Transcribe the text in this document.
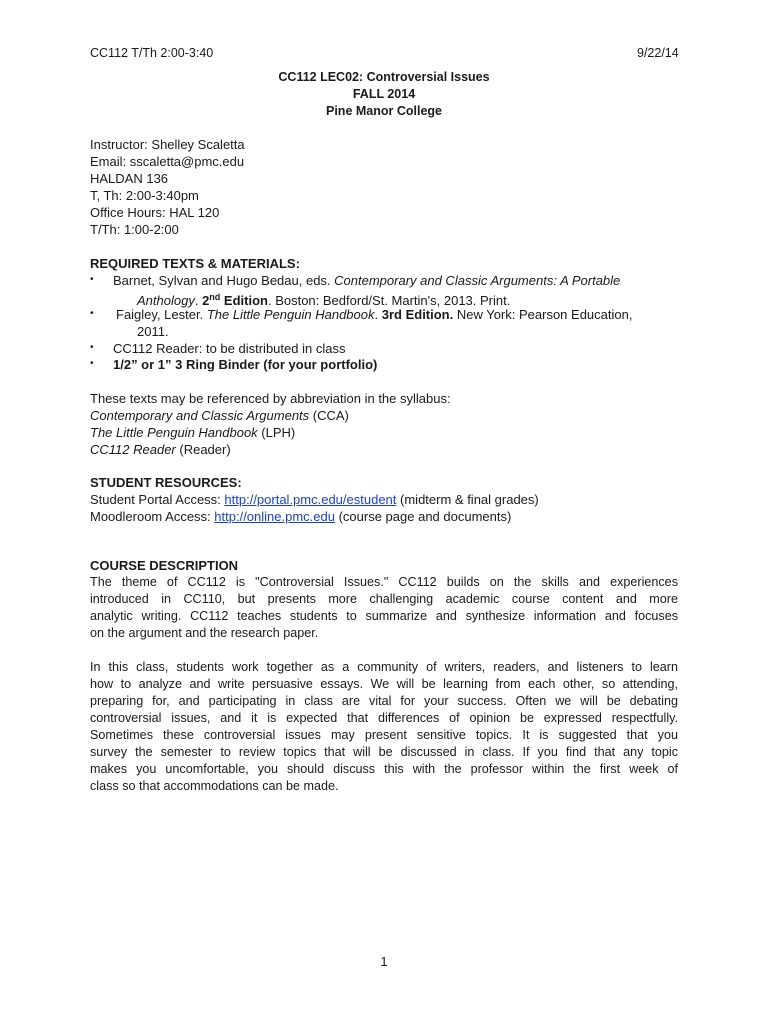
CC112 T/Th 2:00-3:40	9/22/14
CC112 LEC02: Controversial Issues
FALL 2014
Pine Manor College
Instructor: Shelley Scaletta
Email: sscaletta@pmc.edu
HALDAN 136
T, Th: 2:00-3:40pm
Office Hours: HAL 120
T/Th: 1:00-2:00
REQUIRED TEXTS & MATERIALS:
• Barnet, Sylvan and Hugo Bedau, eds. Contemporary and Classic Arguments: A Portable
Anthology. 2nd Edition. Boston: Bedford/St. Martin's, 2013. Print.
• Faigley, Lester. The Little Penguin Handbook. 3rd Edition. New York: Pearson Education,
2011.
• CC112 Reader: to be distributed in class
• 1/2” or 1” 3 Ring Binder (for your portfolio)
These texts may be referenced by abbreviation in the syllabus:
Contemporary and Classic Arguments (CCA)
The Little Penguin Handbook (LPH)
CC112 Reader (Reader)
STUDENT RESOURCES:
Student Portal Access: http://portal.pmc.edu/estudent (midterm & final grades)
Moodleroom Access: http://online.pmc.edu (course page and documents)
COURSE DESCRIPTION
The theme of CC112 is "Controversial Issues." CC112 builds on the skills and experiences
introduced in CC110, but presents more challenging academic course content and more
analytic writing. CC112 teaches students to summarize and synthesize information and focuses
on the argument and the research paper.
In this class, students work together as a community of writers, readers, and listeners to learn
how to analyze and write persuasive essays. We will be learning from each other, so attending,
preparing for, and participating in class are vital for your success. Often we will be debating
controversial issues, and it is expected that differences of opinion be expressed respectfully.
Sometimes these controversial issues may present sensitive topics. It is suggested that you
survey the semester to review topics that will be discussed in class. If you find that any topic
makes you uncomfortable, you should discuss this with the professor within the first week of
class so that accommodations can be made.
1
